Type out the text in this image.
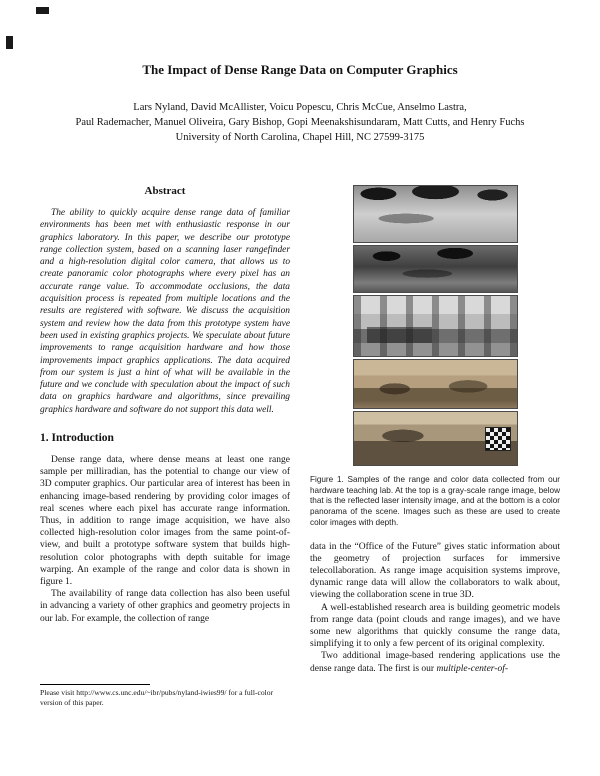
The Impact of Dense Range Data on Computer Graphics
Lars Nyland, David McAllister, Voicu Popescu, Chris McCue, Anselmo Lastra,
Paul Rademacher, Manuel Oliveira, Gary Bishop, Gopi Meenakshisundaram, Matt Cutts, and Henry Fuchs
University of North Carolina, Chapel Hill, NC 27599-3175
Abstract

The ability to quickly acquire dense range data of familiar environments has been met with enthusiastic response in our graphics laboratory. In this paper, we describe our prototype range collection system, based on a scanning laser rangefinder and a high-resolution digital color camera, that allows us to create panoramic color photographs where every pixel has an accurate range value. To accommodate occlusions, the data acquisition process is repeated from multiple locations and the results are registered with software. We discuss the acquisition system and review how the data from this prototype system have been used in existing graphics projects. We speculate about future improvements to range acquisition hardware and how those improvements impact graphics applications. The data acquired from our system is just a hint of what will be available in the future and we conclude with speculation about the impact of such data on graphics hardware and algorithms, since prevailing graphics hardware and software do not support this data well.

1. Introduction

Dense range data, where dense means at least one range sample per milliradian, has the potential to change our view of 3D computer graphics. Our particular area of interest has been in enhancing image-based rendering by providing color images of real scenes where each pixel has accurate range information. Thus, in addition to range image acquisition, we have also collected high-resolution color images from the same point-of-view, and built a prototype software system that builds high-resolution color photographs with depth suitable for image warping. An example of the range and color data is shown in figure 1.

The availability of range data collection has also been useful in advancing a variety of other graphics and geometry projects in our lab. For example, the collection of range

Please visit http://www.cs.unc.edu/~ibr/pubs/nyland-iwies99/ for a full-color version of this paper.
Figure 1. Samples of the range and color data collected from our hardware teaching lab. At the top is a gray-scale range image, below that is the reflected laser intensity image, and at the bottom is a color panorama of the scene. Images such as these are used to create color images with depth.

data in the “Office of the Future” gives static information about the geometry of projection surfaces for immersive telecollaboration. As range image acquisition systems improve, dynamic range data will allow the collaborators to walk about, viewing the collaboration scene in true 3D.

A well-established research area is building geometric models from range data (point clouds and range images), and we have some new algorithms that quickly consume the range data, simplifying it to only a few percent of its original complexity.

Two additional image-based rendering applications use the dense range data. The first is our multiple-center-of-
